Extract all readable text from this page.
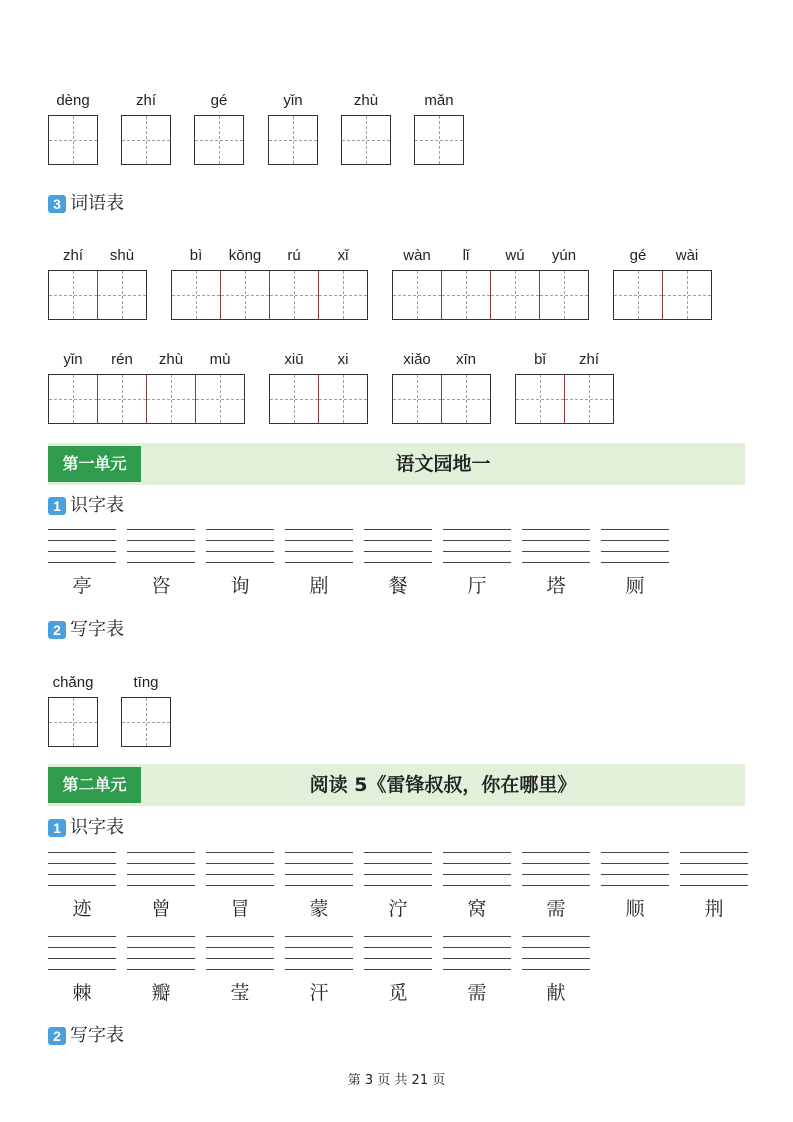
dèng	zhí	gé	yǐn	zhù	mǎn
3 词语表
zhí	shù	bì	kōng	rú	xǐ	wàn	lǐ	wú	yún	gé	wài
yǐn	rén	zhù	mù	xiū	xi	xiǎo	xīn	bǐ	zhí
第一单元	语文园地一
1 识字表
亭	咨	询	剧	餐	厅	塔	厕
2 写字表
chǎng	tīng
第二单元	阅读 5《雷锋叔叔，你在哪里》
1 识字表
迹	曾	冒	蒙	泞	窝	需	顺	荆
棘	瓣	莹	汗	觅	需	献
2 写字表
第 3 页 共 21 页
